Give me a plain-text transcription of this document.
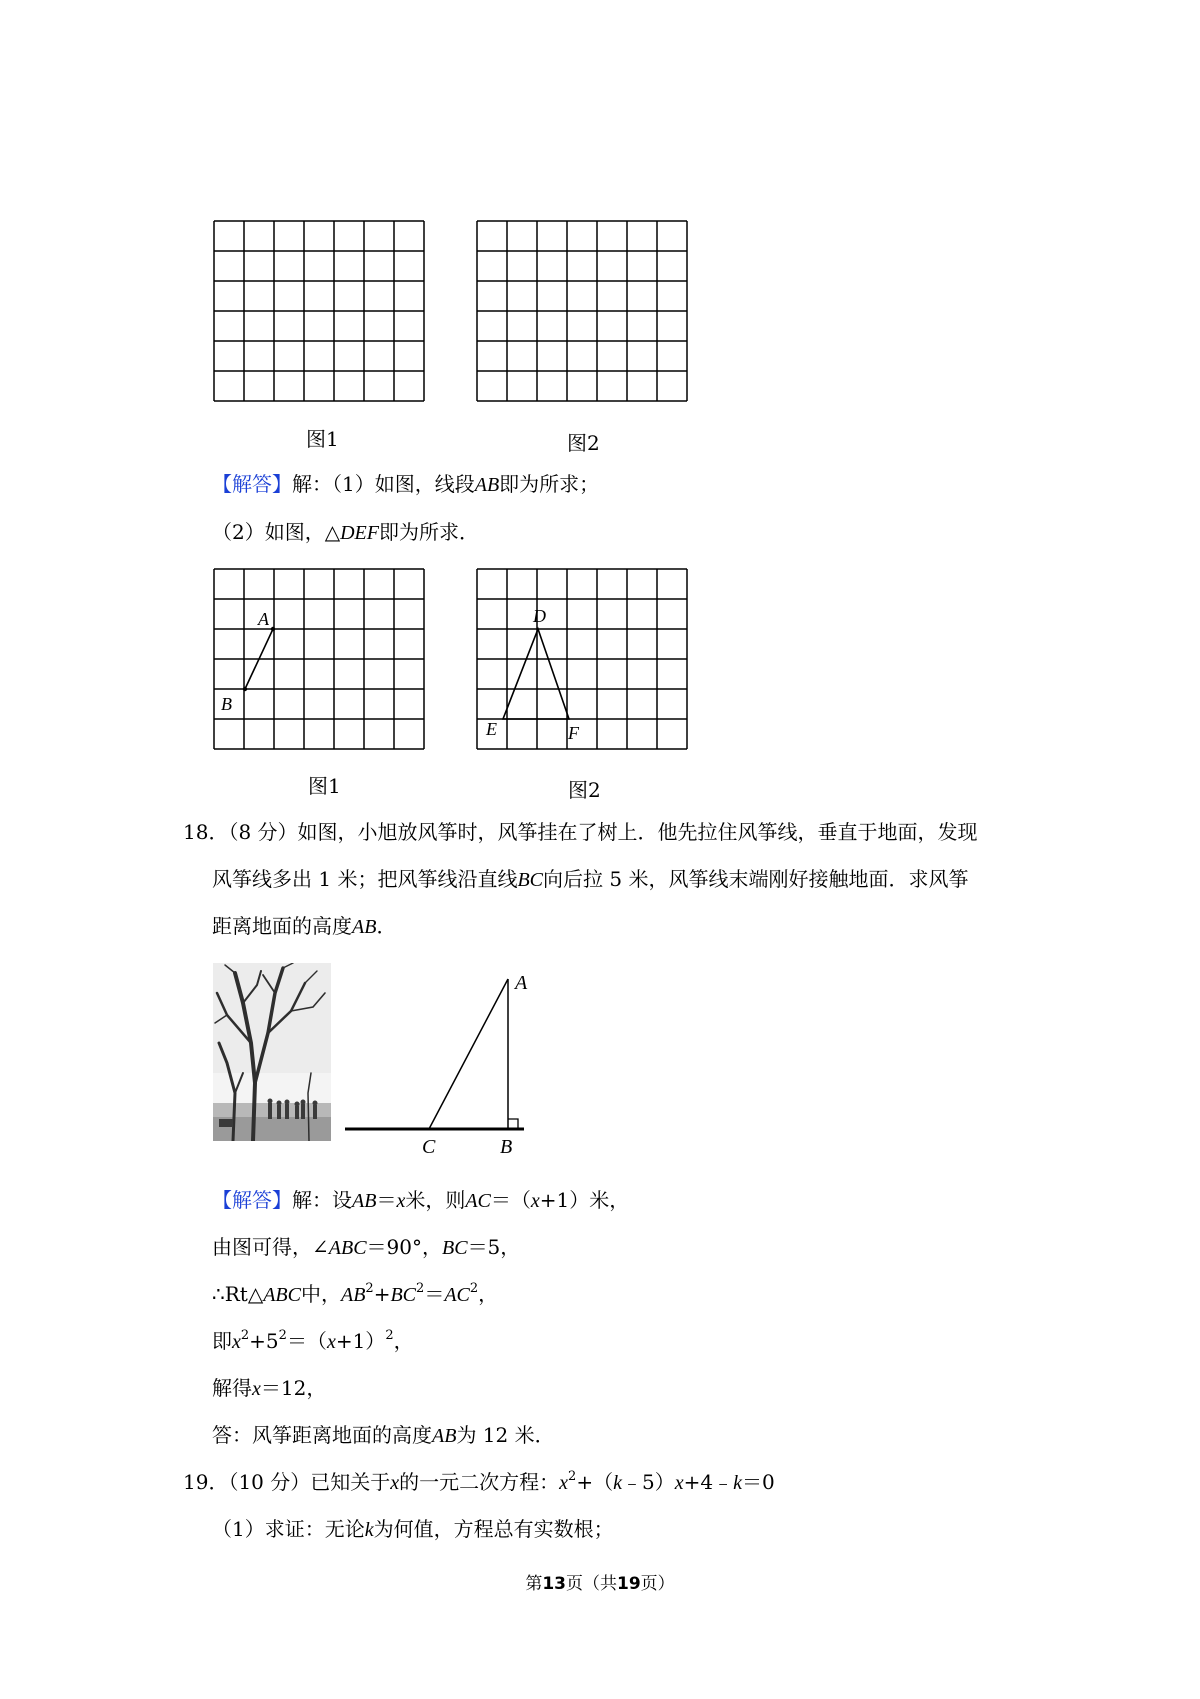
图1	图2
【解答】解：（1）如图，线段AB即为所求；
（2）如图，△DEF即为所求．
A
B
图1
D
E	F
图2
18．（8 分）如图，小旭放风筝时，风筝挂在了树上．他先拉住风筝线，垂直于地面，发现
风筝线多出 1 米；把风筝线沿直线BC向后拉 5 米，风筝线末端刚好接触地面．求风筝
距离地面的高度AB．
A
C	B
【解答】解：设AB＝x米，则AC＝（x+1）米，
由图可得，∠ABC＝90°，BC＝5，
∴Rt△ABC中，$AB^2+BC^2=AC^2$，
即$x^2+5^2=(x+1)^2$，
解得x＝12，
答：风筝距离地面的高度AB为 12 米．
19．（10 分）已知关于x的一元二次方程：$x^2+(k﹣5)x+4﹣k=0$
（1）求证：无论k为何值，方程总有实数根；
第13页（共19页）
